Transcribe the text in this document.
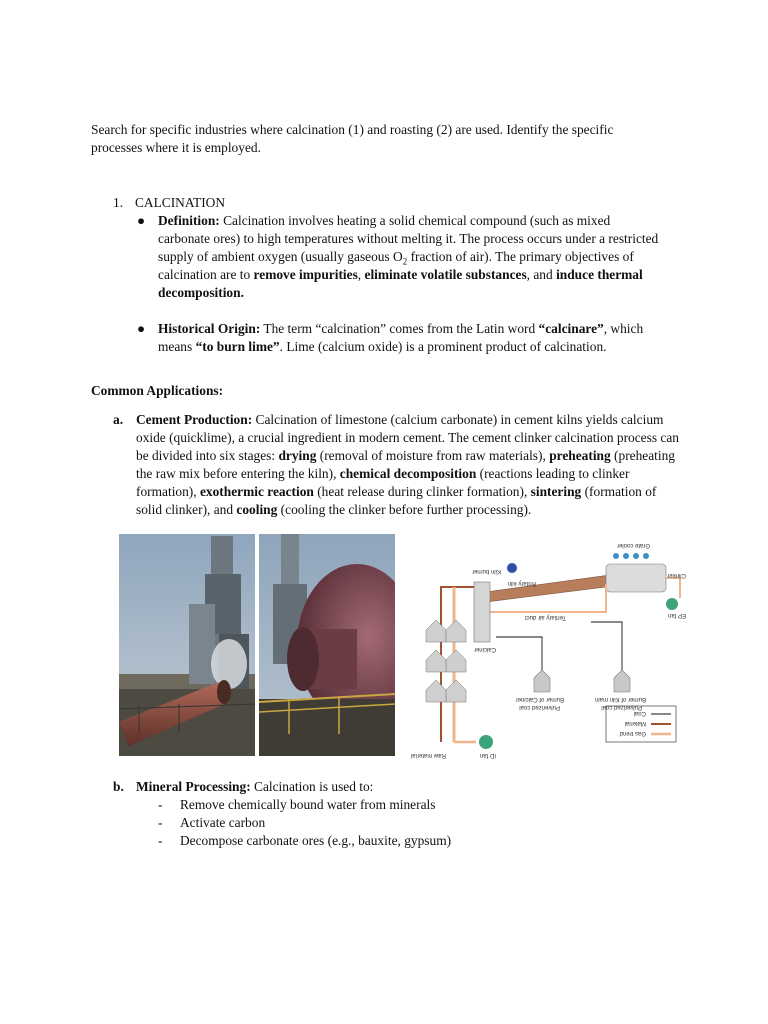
Search for specific industries where calcination (1) and roasting (2) are used. Identify the specific processes where it is employed.
1. CALCINATION
● Definition: Calcination involves heating a solid chemical compound (such as mixed carbonate ores) to high temperatures without melting it. The process occurs under a restricted supply of ambient oxygen (usually gaseous $O_2$ fraction of air). The primary objectives of calcination are to remove impurities, eliminate volatile substances, and induce thermal decomposition.
● Historical Origin: The term “calcination” comes from the Latin word “calcinare”, which means “to burn lime”. Lime (calcium oxide) is a prominent product of calcination.
Common Applications:
a. Cement Production: Calcination of limestone (calcium carbonate) in cement kilns yields calcium oxide (quicklime), a crucial ingredient in modern cement. The cement clinker calcination process can be divided into six stages: drying (removal of moisture from raw materials), preheating (preheating the raw mix before entering the kiln), chemical decomposition (reactions leading to clinker formation), exothermic reaction (heat release during clinker formation), sintering (formation of solid clinker), and cooling (cooling the clinker before further processing).
Gas trend
Material
Coal
Burner of Kiln main
Pulverized coal
Burner of Calciner
Pulverized coal
Rotary kiln
Kiln burner
Grate cooler
Clinker
EP fan
Tertiary air duct
Calciner
ID fan
Raw material
b. Mineral Processing: Calcination is used to:
- Remove chemically bound water from minerals
- Activate carbon
- Decompose carbonate ores (e.g., bauxite, gypsum)
